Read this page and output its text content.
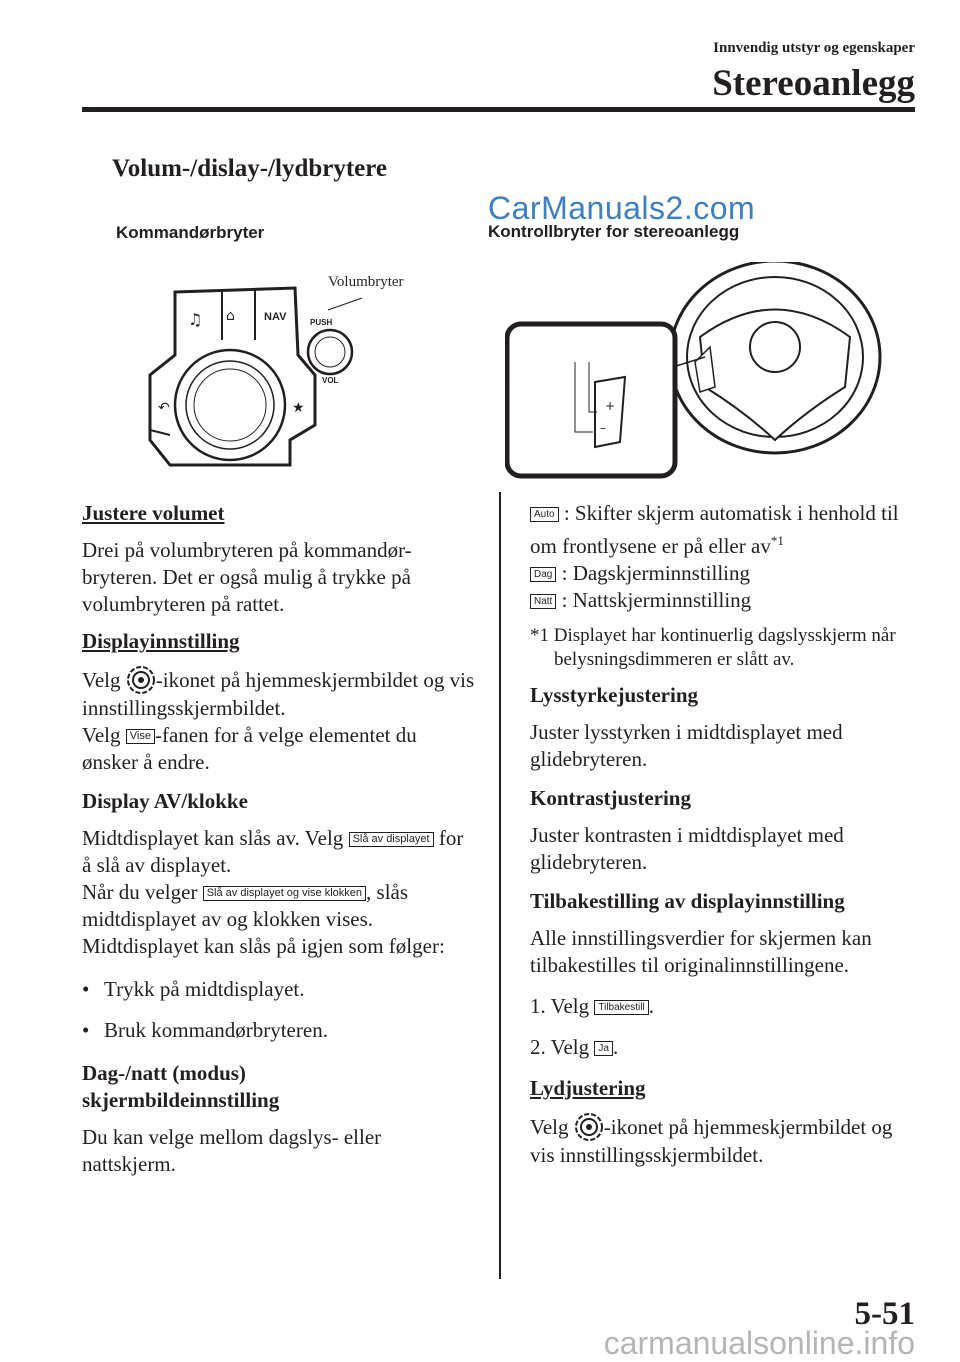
Innvendig utstyr og egenskaper
Stereoanlegg
Volum-/dislay-/lydbrytere
CarManuals2.com
Kommandørbryter	Kontrollbryter for stereoanlegg
Volumbryter
♫ ⌂	NAV
↶	★
PUSH
VOL
+
–
Justere volumet

Drei på volumbryteren på kommandør-bryteren. Det er også mulig å trykke på volumbryteren på rattet.

Displayinnstilling

Velg -ikonet på hjemmeskjermbildet og vis innstillingsskjermbildet.

Velg Vise -fanen for å velge elementet du ønsker å endre.

Display AV/klokke

Midtdisplayet kan slås av. Velg Slå av displayet for å slå av displayet.
Når du velger Slå av displayet og vise klokken , slås midtdisplayet av og klokken vises. Midtdisplayet kan slås på igjen som følger:

• Trykk på midtdisplayet.

• Bruk kommandørbryteren.

Dag-/natt (modus)
skjermbildeinnstilling

Du kan velge mellom dagslys- eller nattskjerm.

Auto : Skifter skjerm automatisk i henhold til om frontlysene er på eller $av^{*1}$

Dag : Dagskjerminnstilling

Natt : Nattskjerminnstilling

*1 Displayet har kontinuerlig dagslysskjerm når belysningsdimmeren er slått av.

Lysstyrkejustering

Juster lysstyrken i midtdisplayet med glidebryteren.

Kontrastjustering

Juster kontrasten i midtdisplayet med glidebryteren.

Tilbakestilling av displayinnstilling

Alle innstillingsverdier for skjermen kan tilbakestilles til originalinnstillingene.

1. Velg Tilbakestill .

2. Velg Ja .

Lydjustering

Velg -ikonet på hjemmeskjermbildet og vis innstillingsskjermbildet.

5-51
carmanualsonline.info
